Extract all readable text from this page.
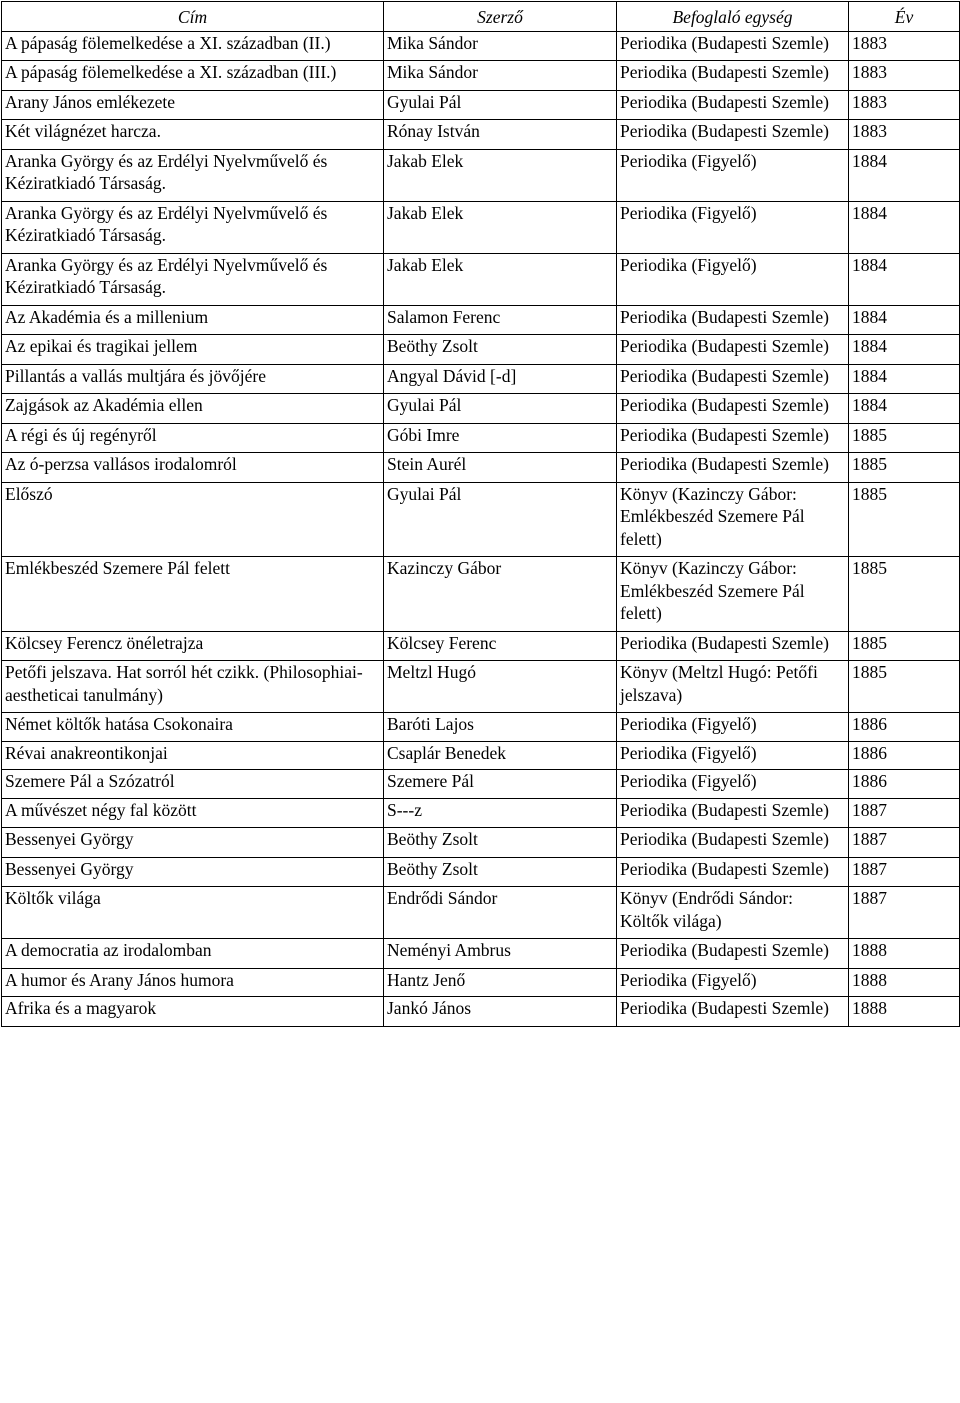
Cím	Szerző	Befoglaló egység	Év
A pápaság fölemelkedése a XI. században (II.)	Mika Sándor	Periodika (Budapesti Szemle)	1883
A pápaság fölemelkedése a XI. században (III.)	Mika Sándor	Periodika (Budapesti Szemle)	1883
Arany János emlékezete	Gyulai Pál	Periodika (Budapesti Szemle)	1883
Két világnézet harcza.	Rónay István	Periodika (Budapesti Szemle)	1883
Aranka György és az Erdélyi Nyelvművelő és Kéziratkiadó Társaság.	Jakab Elek	Periodika (Figyelő)	1884
Aranka György és az Erdélyi Nyelvművelő és Kéziratkiadó Társaság.	Jakab Elek	Periodika (Figyelő)	1884
Aranka György és az Erdélyi Nyelvművelő és Kéziratkiadó Társaság.	Jakab Elek	Periodika (Figyelő)	1884
Az Akadémia és a millenium	Salamon Ferenc	Periodika (Budapesti Szemle)	1884
Az epikai és tragikai jellem	Beöthy Zsolt	Periodika (Budapesti Szemle)	1884
Pillantás a vallás multjára és jövőjére	Angyal Dávid [-d]	Periodika (Budapesti Szemle)	1884
Zajgások az Akadémia ellen	Gyulai Pál	Periodika (Budapesti Szemle)	1884
A régi és új regényről	Góbi Imre	Periodika (Budapesti Szemle)	1885
Az ó-perzsa vallásos irodalomról	Stein Aurél	Periodika (Budapesti Szemle)	1885
Előszó	Gyulai Pál	Könyv (Kazinczy Gábor: Emlékbeszéd Szemere Pál felett)	1885
Emlékbeszéd Szemere Pál felett	Kazinczy Gábor	Könyv (Kazinczy Gábor: Emlékbeszéd Szemere Pál felett)	1885
Kölcsey Ferencz önéletrajza	Kölcsey Ferenc	Periodika (Budapesti Szemle)	1885
Petőfi jelszava. Hat sorról hét czikk. (Philosophiai-aestheticai tanulmány)	Meltzl Hugó	Könyv (Meltzl Hugó: Petőfi jelszava)	1885
Német költők hatása Csokonaira	Baróti Lajos	Periodika (Figyelő)	1886
Révai anakreontikonjai	Csaplár Benedek	Periodika (Figyelő)	1886
Szemere Pál a Szózatról	Szemere Pál	Periodika (Figyelő)	1886
A művészet négy fal között	S---z	Periodika (Budapesti Szemle)	1887
Bessenyei György	Beöthy Zsolt	Periodika (Budapesti Szemle)	1887
Bessenyei György	Beöthy Zsolt	Periodika (Budapesti Szemle)	1887
Költők világa	Endrődi Sándor	Könyv (Endrődi Sándor: Költők világa)	1887
A democratia az irodalomban	Neményi Ambrus	Periodika (Budapesti Szemle)	1888
A humor és Arany János humora	Hantz Jenő	Periodika (Figyelő)	1888
Afrika és a magyarok	Jankó János	Periodika (Budapesti Szemle)	1888
